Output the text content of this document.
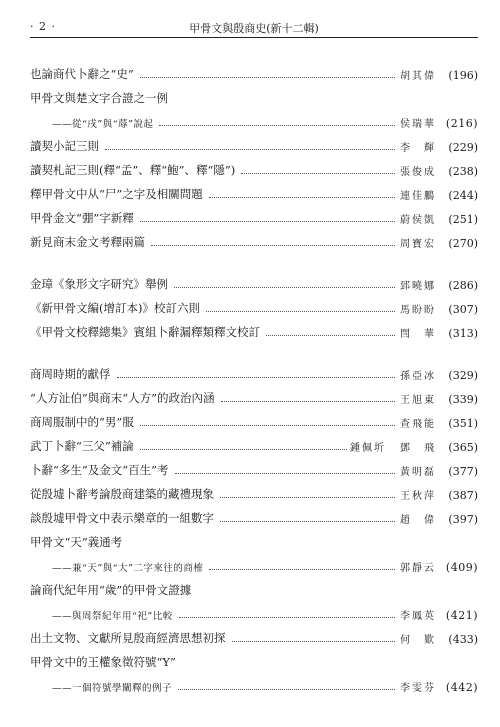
· 2 ·	甲骨文與殷商史(新十二輯)
也論商代卜辭之“史”	胡其偉	(196)
甲骨文與楚文字合證之一例
——從“戌”與“蓐”說起	侯瑞華 (216)
讀契小記三則	李　輝	(229)
讀契札記三則(釋“孟”、釋“鮑”、釋“隱”)	張俊成	(238)
釋甲骨文中从“尸”之字及相關問題	連佳鵬	(244)
甲骨金文“弸”字新釋	蔚侯凱	(251)
新見商末金文考釋兩篇	周寶宏	(270)
金璋《象形文字研究》舉例	郅曉娜	(286)
《新甲骨文編(增訂本)》校訂六則	馬盼盼	(307)
《甲骨文校釋總集》賓組卜辭漏釋類釋文校訂	閆　華	(313)
商周時期的獻俘	孫亞冰	(329)
“人方沚伯”與商末“人方”的政治內涵	王旭東	(339)
商周服制中的“男”服	查飛能	(351)
武丁卜辭“三父”補論	鍾佩圻	鄧　飛	(365)
卜辭“多生”及金文“百生”考	黃明磊	(377)
從殷墟卜辭考論殷商建築的藏禮現象	王秋萍	(387)
談殷墟甲骨文中表示樂章的一組數字	趙　偉	(397)
甲骨文“天”義通考
——兼“天”與“大”二字來往的商榷	郭靜云 (409)
論商代紀年用“歲”的甲骨文證據
——與周祭紀年用“祀”比較	李鳳英 (421)
出土文物、文獻所見殷商經濟思想初探	何　歎	(433)
甲骨文中的王權象徵符號“Y”
——一個符號學闡釋的例子	李雯芬 (442)
